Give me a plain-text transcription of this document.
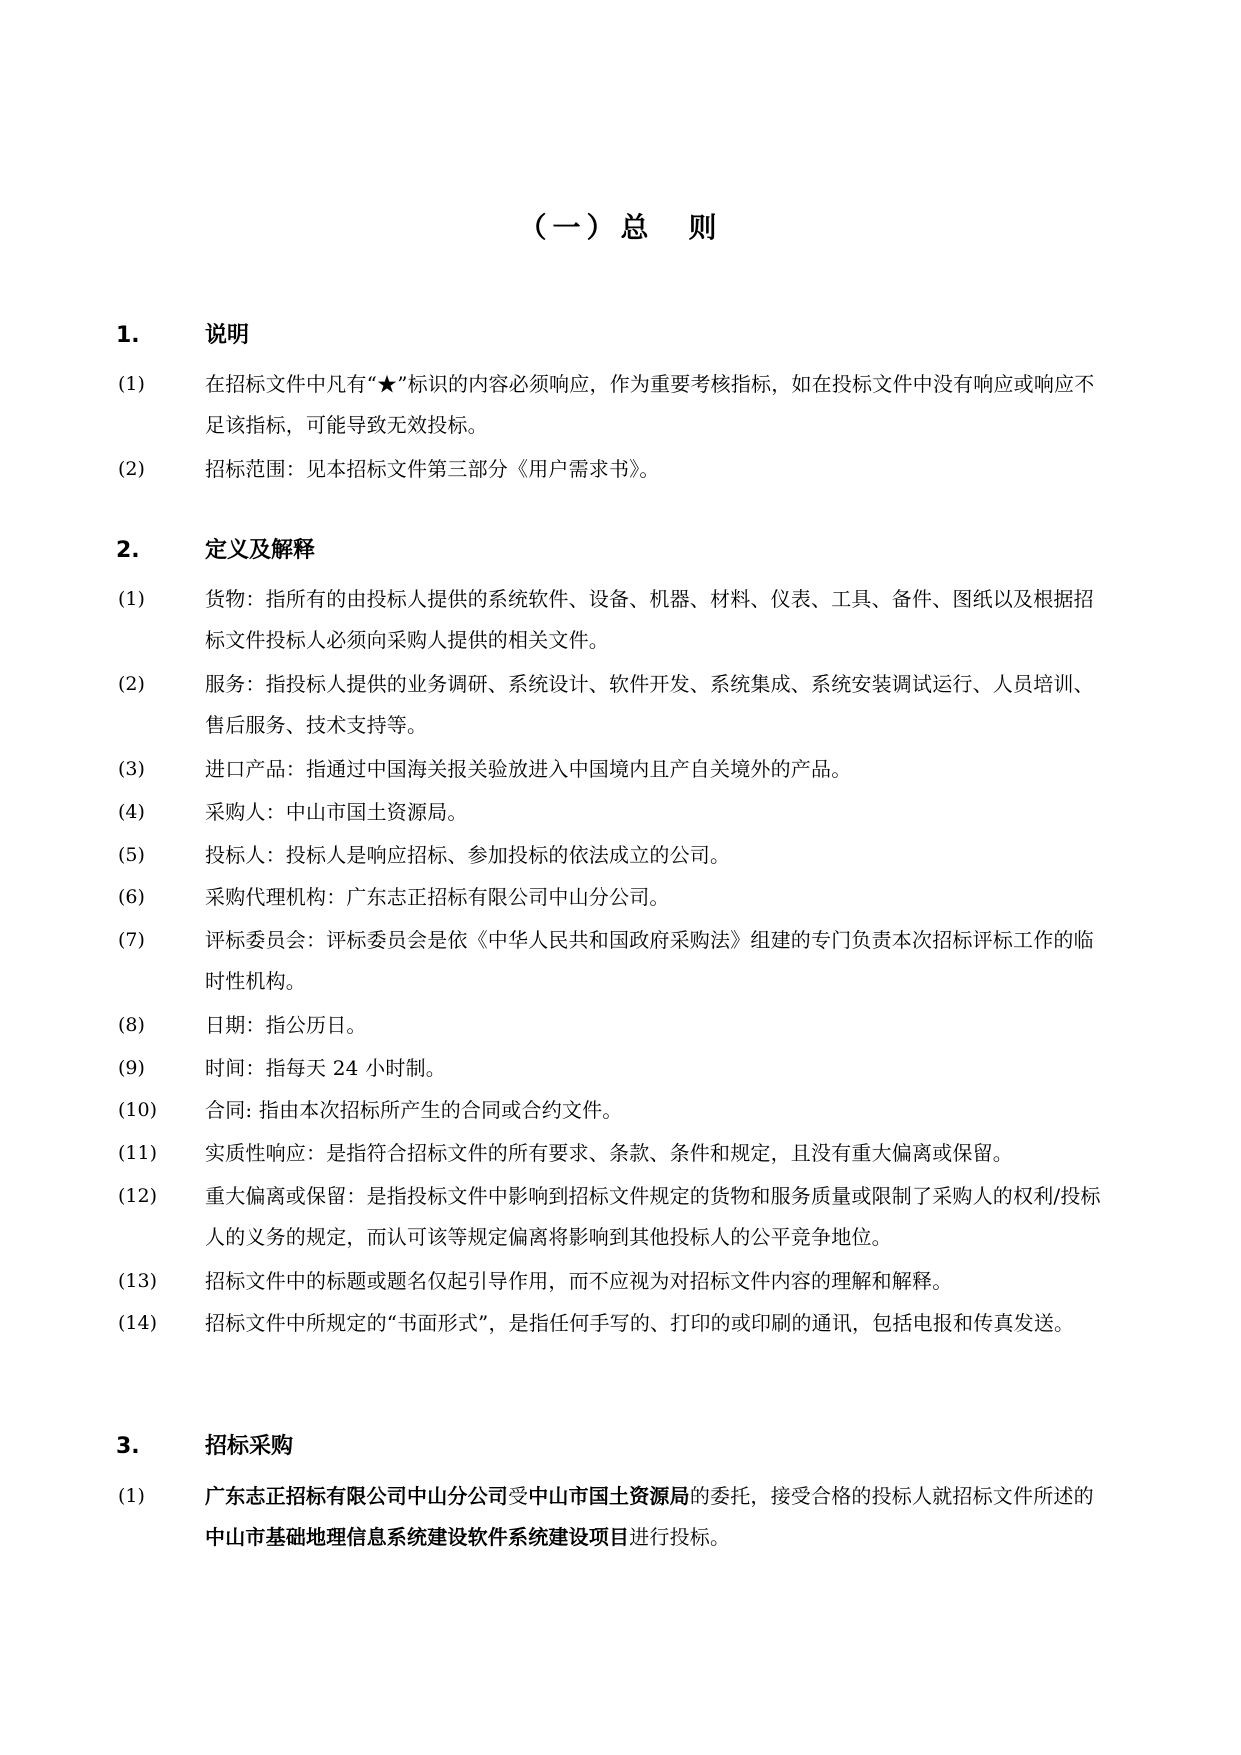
（一）总　则
1.	说明
(1)	在招标文件中凡有“★”标识的内容必须响应，作为重要考核指标，如在投标文件中没有响应或响应不足该指标，可能导致无效投标。
(2)	招标范围：见本招标文件第三部分《用户需求书》。
2.	定义及解释
(1)	货物：指所有的由投标人提供的系统软件、设备、机器、材料、仪表、工具、备件、图纸以及根据招标文件投标人必须向采购人提供的相关文件。
(2)	服务：指投标人提供的业务调研、系统设计、软件开发、系统集成、系统安装调试运行、人员培训、售后服务、技术支持等。
(3)	进口产品：指通过中国海关报关验放进入中国境内且产自关境外的产品。
(4)	采购人：中山市国土资源局。
(5)	投标人：投标人是响应招标、参加投标的依法成立的公司。
(6)	采购代理机构：广东志正招标有限公司中山分公司。
(7)	评标委员会：评标委员会是依《中华人民共和国政府采购法》组建的专门负责本次招标评标工作的临时性机构。
(8)	日期：指公历日。
(9)	时间：指每天 24 小时制。
(10) 合同: 指由本次招标所产生的合同或合约文件。
(11) 实质性响应：是指符合招标文件的所有要求、条款、条件和规定，且没有重大偏离或保留。
(12) 重大偏离或保留：是指投标文件中影响到招标文件规定的货物和服务质量或限制了采购人的权利/投标人的义务的规定，而认可该等规定偏离将影响到其他投标人的公平竞争地位。
(13) 招标文件中的标题或题名仅起引导作用，而不应视为对招标文件内容的理解和解释。
(14) 招标文件中所规定的“书面形式”，是指任何手写的、打印的或印刷的通讯，包括电报和传真发送。
3.	招标采购
(1)	广东志正招标有限公司中山分公司受中山市国土资源局的委托，接受合格的投标人就招标文件所述的中山市基础地理信息系统建设软件系统建设项目进行投标。
